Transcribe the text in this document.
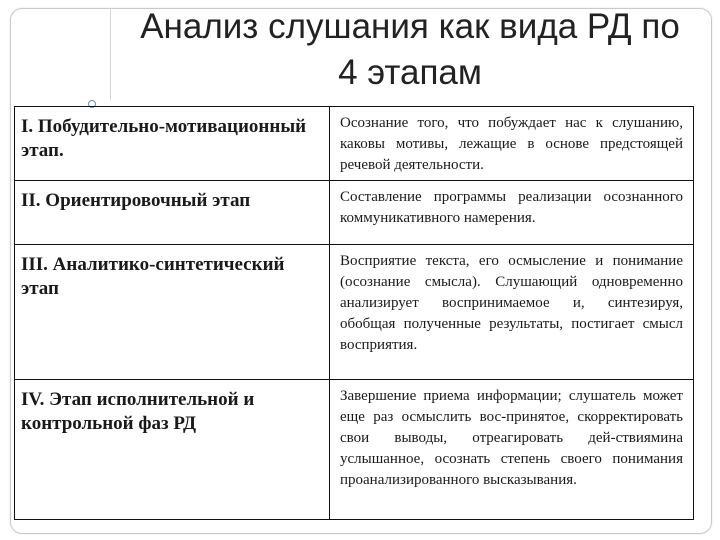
Анализ слушания как вида РД по
4 этапам
I. Побудительно-мотивационный этап.	Осознание того, что побуждает нас к слушанию, каковы мотивы, лежащие в основе предстоящей речевой деятельности.
II. Ориентировочный этап	Составление программы реализации осознанного коммуникативного намерения.
III. Аналитико-синтетический этап	Восприятие текста, его осмысление и понимание (осознание смысла). Слушающий одновременно анализирует воспринимаемое и, синтезируя, обобщая полученные результаты, постигает смысл восприятия.
IV. Этап исполнительной и контрольной фаз РД	Завершение приема информации; слушатель может еще раз осмыслить вос-принятое, скорректировать свои выводы, отреагировать дей-ствиямина услышанное, осознать степень своего понимания проанализированного высказывания.
